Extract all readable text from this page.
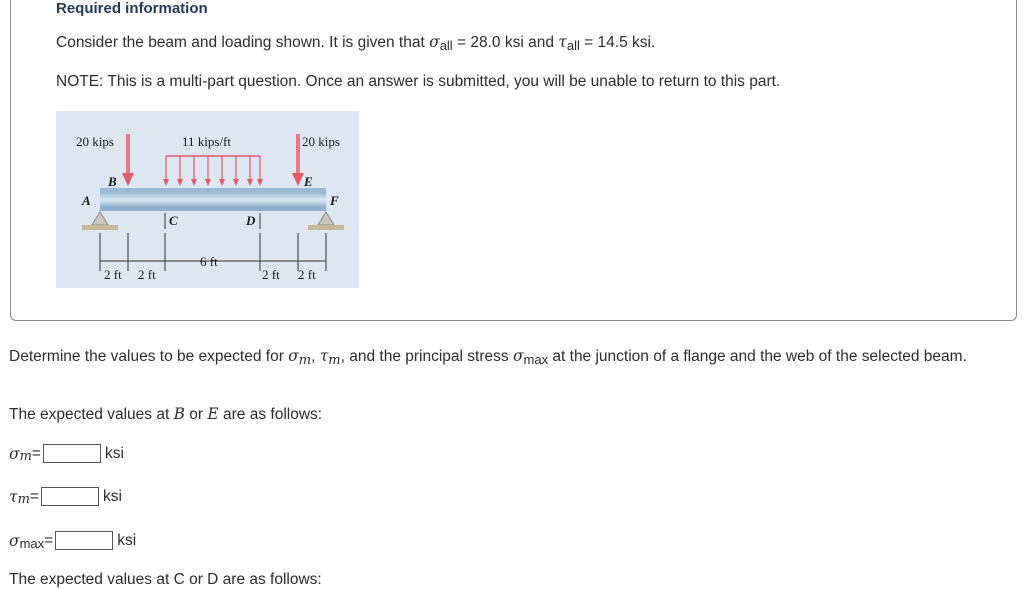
Required information
Consider the beam and loading shown. It is given that σall = 28.0 ksi and τall = 14.5 ksi.
NOTE: This is a multi-part question. Once an answer is submitted, you will be unable to return to this part.
20 kips	11 kips/ft	20 kips
B	E
A	F
C	D
2 ft 2 ft
6 ft
2 ft 2 ft
Determine the values to be expected for σm, τm, and the principal stress σmax at the junction of a flange and the web of the selected beam.
The expected values at B or E are as follows:
σ m =	ksi
τ m =	ksi
σ max =	ksi
The expected values at C or D are as follows:
